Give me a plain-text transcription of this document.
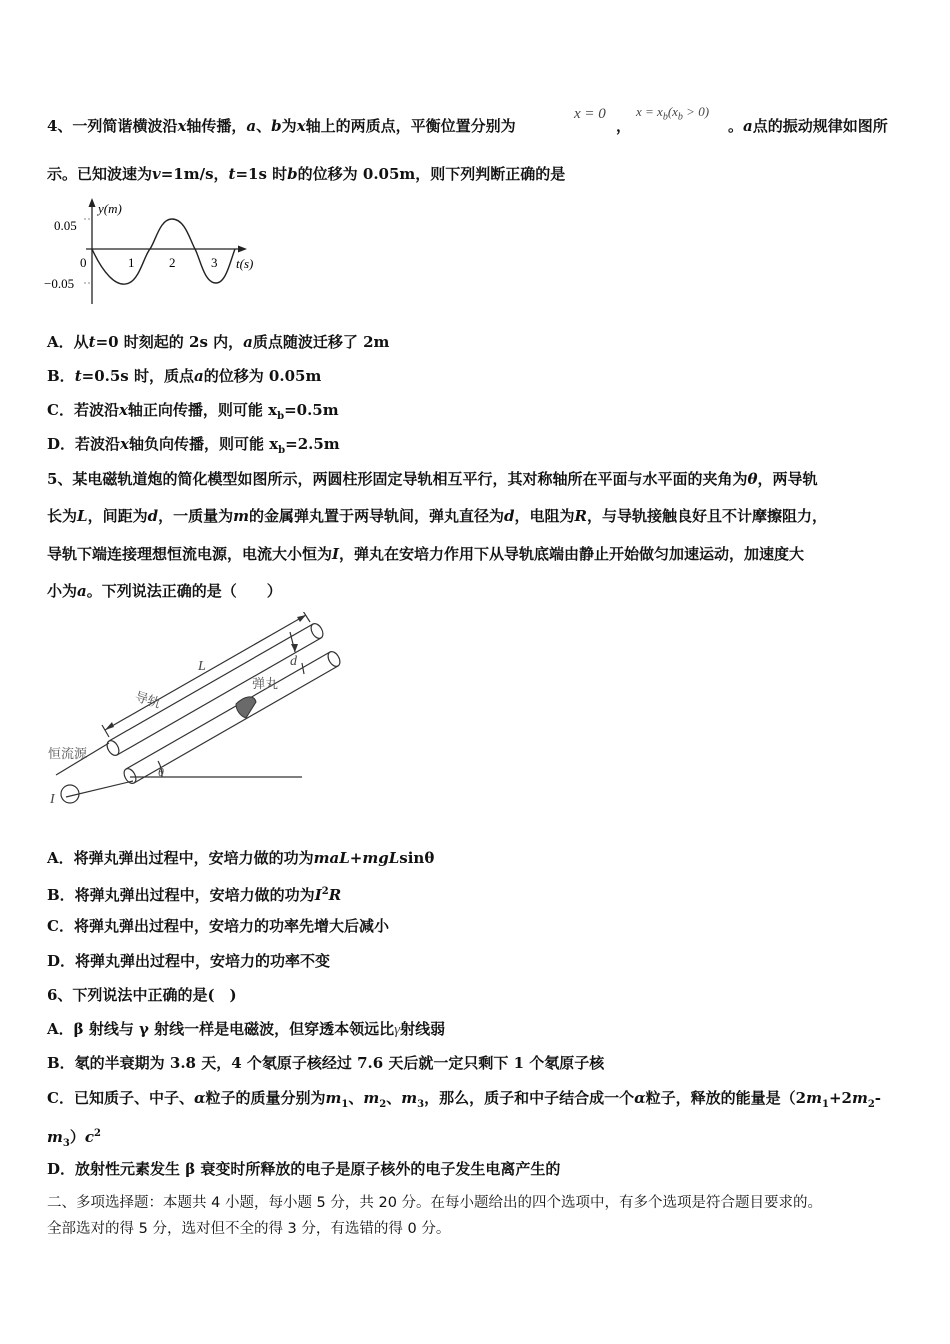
4、一列简谐横波沿x轴传播，a、b为x轴上的两质点，平衡位置分别为
x = 0
，
$x = x_b(x_b > 0)$
。a点的振动规律如图所
示。已知波速为v=1m/s，t=1s 时b的位移为 0.05m，则下列判断正确的是
y(m)
0.05
−0.05
0	1	2	3 t(s)
A．从t=0 时刻起的 2s 内，a质点随波迁移了 2m
B．t=0.5s 时，质点a的位移为 0.05m
C．若波沿x轴正向传播，则可能 $x_b=0.5m$
D．若波沿x轴负向传播，则可能 $x_b=2.5m$
5、某电磁轨道炮的简化模型如图所示，两圆柱形固定导轨相互平行，其对称轴所在平面与水平面的夹角为θ，两导轨
长为L，间距为d，一质量为m的金属弹丸置于两导轨间，弹丸直径为d，电阻为R，与导轨接触良好且不计摩擦阻力，
导轨下端连接理想恒流电源，电流大小恒为I，弹丸在安培力作用下从导轨底端由静止开始做匀加速运动，加速度大
小为a。下列说法正确的是（　　）
L	d
导轨
弹丸
恒流源
I
θ
A．将弹丸弹出过程中，安培力做的功为maL+mgLsinθ
B．将弹丸弹出过程中，安培力做的功为$I^2R$
C．将弹丸弹出过程中，安培力的功率先增大后减小
D．将弹丸弹出过程中，安培力的功率不变
6、下列说法中正确的是(　)
A．β 射线与 γ 射线一样是电磁波，但穿透本领远比γ射线弱
B．氡的半衰期为 3.8 天，4 个氡原子核经过 7.6 天后就一定只剩下 1 个氡原子核
C．已知质子、中子、α粒子的质量分别为$m_1$、$m_2$、$m_3$，那么，质子和中子结合成一个α粒子，释放的能量是（$2m_1+2m_2-$
$m_3)c^2$
D．放射性元素发生 β 衰变时所释放的电子是原子核外的电子发生电离产生的
二、多项选择题：本题共 4 小题，每小题 5 分，共 20 分。在每小题给出的四个选项中，有多个选项是符合题目要求的。
全部选对的得 5 分，选对但不全的得 3 分，有选错的得 0 分。
